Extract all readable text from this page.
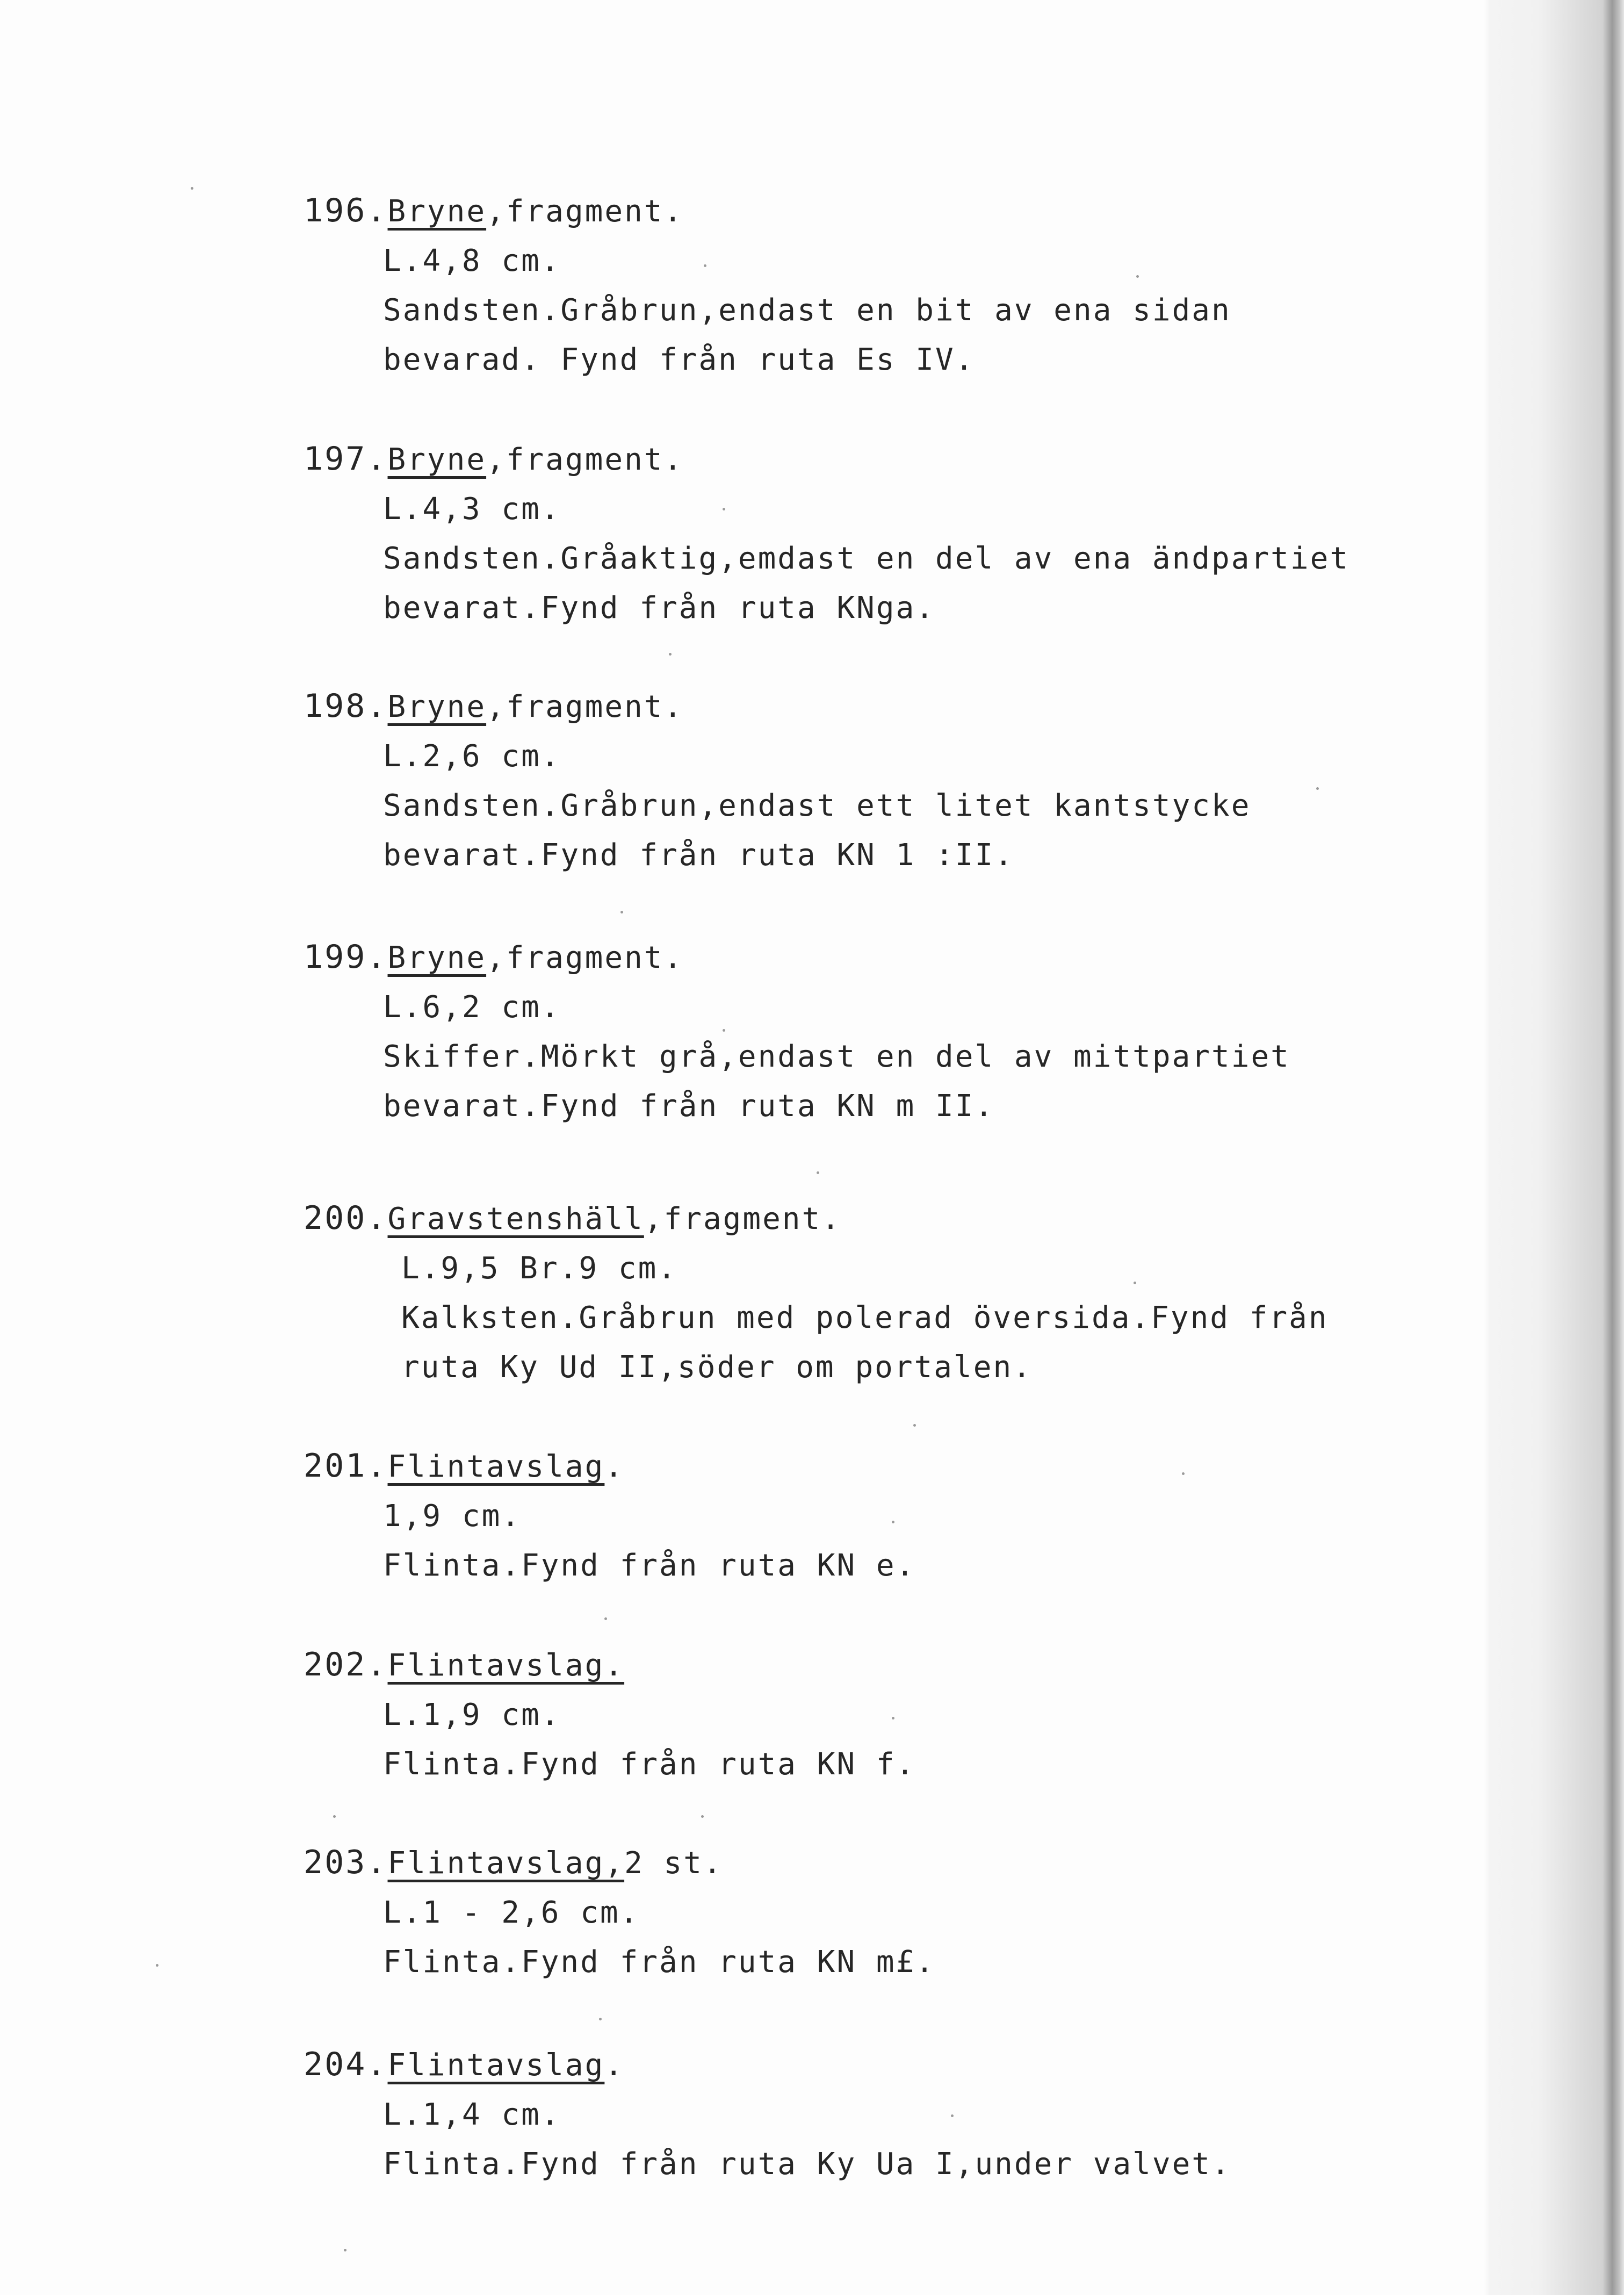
196.Bryne,fragment.
L.4,8 cm.
Sandsten.Gråbrun,endast en bit av ena sidan
bevarad. Fynd från ruta Es IV.
197.Bryne,fragment.
L.4,3 cm.
Sandsten.Gråaktig,emdast en del av ena ändpartiet
bevarat.Fynd från ruta KNga.
198.Bryne,fragment.
L.2,6 cm.
Sandsten.Gråbrun,endast ett litet kantstycke
bevarat.Fynd från ruta KN 1 :II.
199.Bryne,fragment.
L.6,2 cm.
Skiffer.Mörkt grå,endast en del av mittpartiet
bevarat.Fynd från ruta KN m II.
200.Gravstenshäll,fragment.
L.9,5 Br.9 cm.
Kalksten.Gråbrun med polerad översida.Fynd från
ruta Ky Ud II,söder om portalen.
201.Flintavslag.
1,9 cm.
Flinta.Fynd från ruta KN e.
202.Flintavslag.
L.1,9 cm.
Flinta.Fynd från ruta KN f.
203.Flintavslag,2 st.
L.1 - 2,6 cm.
Flinta.Fynd från ruta KN m£.
204.Flintavslag.
L.1,4 cm.
Flinta.Fynd från ruta Ky Ua I,under valvet.
